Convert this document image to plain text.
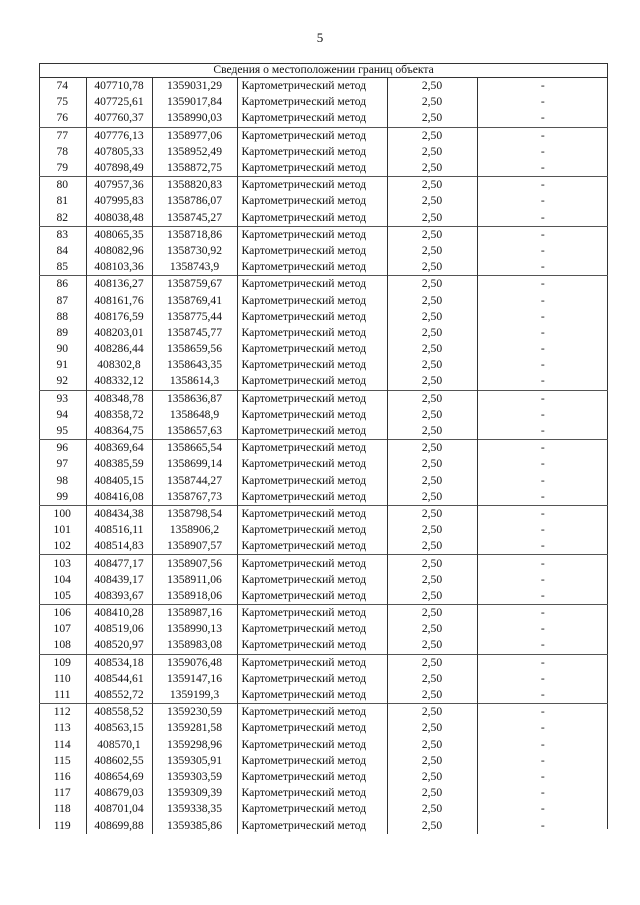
5
Сведения о местоположении границ объекта					
74	407710,78	1359031,29	Картометрический метод	2,50	-
75	407725,61	1359017,84	Картометрический метод	2,50	-
76	407760,37	1358990,03	Картометрический метод	2,50	-
77	407776,13	1358977,06	Картометрический метод	2,50	-
78	407805,33	1358952,49	Картометрический метод	2,50	-
79	407898,49	1358872,75	Картометрический метод	2,50	-
80	407957,36	1358820,83	Картометрический метод	2,50	-
81	407995,83	1358786,07	Картометрический метод	2,50	-
82	408038,48	1358745,27	Картометрический метод	2,50	-
83	408065,35	1358718,86	Картометрический метод	2,50	-
84	408082,96	1358730,92	Картометрический метод	2,50	-
85	408103,36	1358743,9	Картометрический метод	2,50	-
86	408136,27	1358759,67	Картометрический метод	2,50	-
87	408161,76	1358769,41	Картометрический метод	2,50	-
88	408176,59	1358775,44	Картометрический метод	2,50	-
89	408203,01	1358745,77	Картометрический метод	2,50	-
90	408286,44	1358659,56	Картометрический метод	2,50	-
91	408302,8	1358643,35	Картометрический метод	2,50	-
92	408332,12	1358614,3	Картометрический метод	2,50	-
93	408348,78	1358636,87	Картометрический метод	2,50	-
94	408358,72	1358648,9	Картометрический метод	2,50	-
95	408364,75	1358657,63	Картометрический метод	2,50	-
96	408369,64	1358665,54	Картометрический метод	2,50	-
97	408385,59	1358699,14	Картометрический метод	2,50	-
98	408405,15	1358744,27	Картометрический метод	2,50	-
99	408416,08	1358767,73	Картометрический метод	2,50	-
100	408434,38	1358798,54	Картометрический метод	2,50	-
101	408516,11	1358906,2	Картометрический метод	2,50	-
102	408514,83	1358907,57	Картометрический метод	2,50	-
103	408477,17	1358907,56	Картометрический метод	2,50	-
104	408439,17	1358911,06	Картометрический метод	2,50	-
105	408393,67	1358918,06	Картометрический метод	2,50	-
106	408410,28	1358987,16	Картометрический метод	2,50	-
107	408519,06	1358990,13	Картометрический метод	2,50	-
108	408520,97	1358983,08	Картометрический метод	2,50	-
109	408534,18	1359076,48	Картометрический метод	2,50	-
110	408544,61	1359147,16	Картометрический метод	2,50	-
111	408552,72	1359199,3	Картометрический метод	2,50	-
112	408558,52	1359230,59	Картометрический метод	2,50	-
113	408563,15	1359281,58	Картометрический метод	2,50	-
114	408570,1	1359298,96	Картометрический метод	2,50	-
115	408602,55	1359305,91	Картометрический метод	2,50	-
116	408654,69	1359303,59	Картометрический метод	2,50	-
117	408679,03	1359309,39	Картометрический метод	2,50	-
118	408701,04	1359338,35	Картометрический метод	2,50	-
119	408699,88	1359385,86	Картометрический метод	2,50	-
